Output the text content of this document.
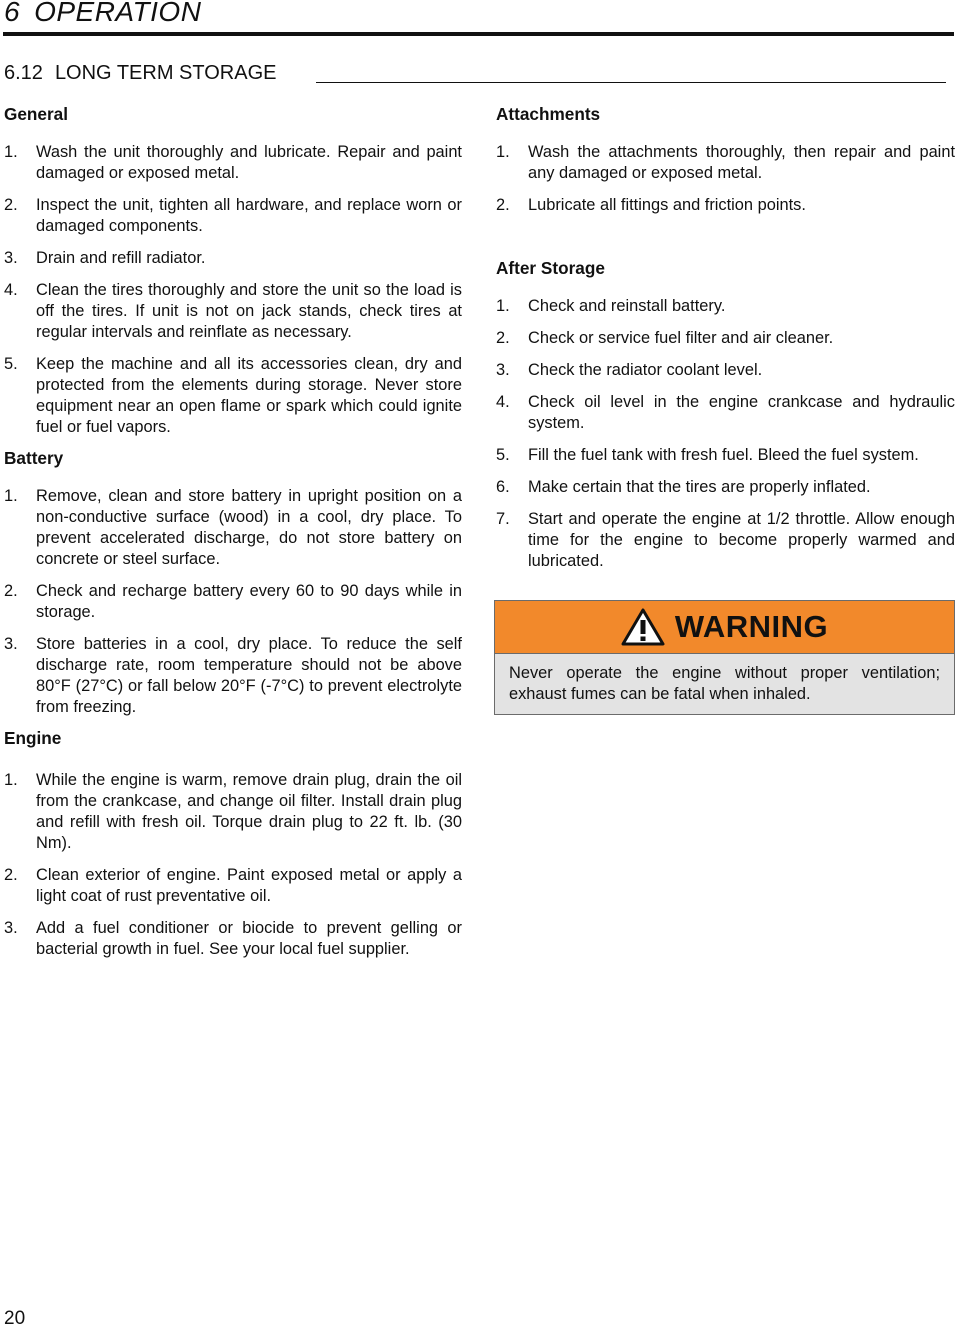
6 OPERATION
6.12 LONG TERM STORAGE
General
1. Wash the unit thoroughly and lubricate. Repair and paint damaged or exposed metal.
2. Inspect the unit, tighten all hardware, and replace worn or damaged components.
3. Drain and refill radiator.
4. Clean the tires thoroughly and store the unit so the load is off the tires. If unit is not on jack stands, check tires at regular intervals and reinflate as necessary.
5. Keep the machine and all its accessories clean, dry and protected from the elements during storage. Never store equipment near an open flame or spark which could ignite fuel or fuel vapors.
Battery
1. Remove, clean and store battery in upright position on a non-conductive surface (wood) in a cool, dry place. To prevent accelerated discharge, do not store battery on concrete or steel surface.
2. Check and recharge battery every 60 to 90 days while in storage.
3. Store batteries in a cool, dry place. To reduce the self discharge rate, room temperature should not be above 80°F (27°C) or fall below 20°F (-7°C) to prevent electrolyte from freezing.
Engine
1. While the engine is warm, remove drain plug, drain the oil from the crankcase, and change oil filter. Install drain plug and refill with fresh oil. Torque drain plug to 22 ft. lb. (30 Nm).
2. Clean exterior of engine. Paint exposed metal or apply a light coat of rust preventative oil.
3. Add a fuel conditioner or biocide to prevent gelling or bacterial growth in fuel. See your local fuel supplier.
Attachments
1. Wash the attachments thoroughly, then repair and paint any damaged or exposed metal.
2. Lubricate all fittings and friction points.
After Storage
1. Check and reinstall battery.
2. Check or service fuel filter and air cleaner.
3. Check the radiator coolant level.
4. Check oil level in the engine crankcase and hydraulic system.
5. Fill the fuel tank with fresh fuel. Bleed the fuel system.
6. Make certain that the tires are properly inflated.
7. Start and operate the engine at 1/2 throttle. Allow enough time for the engine to become properly warmed and lubricated.
WARNING
Never operate the engine without proper ventilation; exhaust fumes can be fatal when inhaled.
20
